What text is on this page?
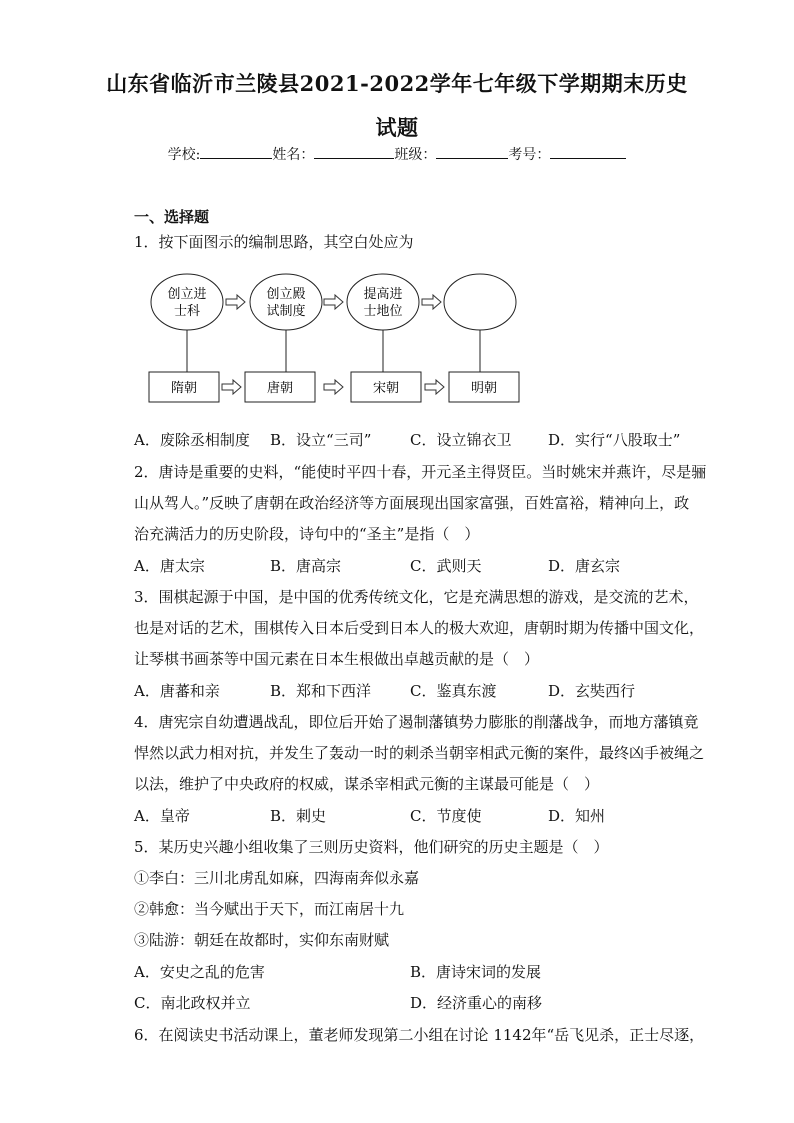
山东省临沂市兰陵县2021-2022学年七年级下学期期末历史
试题
学校:	姓名：	班级：	考号：
一、选择题
1．按下面图示的编制思路，其空白处应为
创立进
士科
创立殿
试制度
提高进
士地位
隋朝	唐朝	宋朝	明朝
A．废除丞相制度 B．设立“三司”	C．设立锦衣卫 D．实行“八股取士”
2．唐诗是重要的史料，“能使时平四十春，开元圣主得贤臣。当时姚宋并燕许，尽是骊
山从驾人。”反映了唐朝在政治经济等方面展现出国家富强，百姓富裕，精神向上，政
治充满活力的历史阶段，诗句中的“圣主”是指（　）
A．唐太宗	B．唐高宗	C．武则天	D．唐玄宗
3．围棋起源于中国，是中国的优秀传统文化，它是充满思想的游戏，是交流的艺术，
也是对话的艺术，围棋传入日本后受到日本人的极大欢迎，唐朝时期为传播中国文化，
让琴棋书画茶等中国元素在日本生根做出卓越贡献的是（　）
A．唐蕃和亲	B．郑和下西洋	C．鉴真东渡	D．玄奘西行
4．唐宪宗自幼遭遇战乱，即位后开始了遏制藩镇势力膨胀的削藩战争，而地方藩镇竟
悍然以武力相对抗，并发生了轰动一时的刺杀当朝宰相武元衡的案件，最终凶手被绳之
以法，维护了中央政府的权威，谋杀宰相武元衡的主谋最可能是（　）
A．皇帝	B．刺史	C．节度使	D．知州
5．某历史兴趣小组收集了三则历史资料，他们研究的历史主题是（　）
①李白：三川北虏乱如麻，四海南奔似永嘉
②韩愈：当今赋出于天下，而江南居十九
③陆游：朝廷在故都时，实仰东南财赋
A．安史之乱的危害	B．唐诗宋词的发展
C．南北政权并立	D．经济重心的南移
6．在阅读史书活动课上，董老师发现第二小组在讨论 1142年“岳飞见杀，正士尽逐，
